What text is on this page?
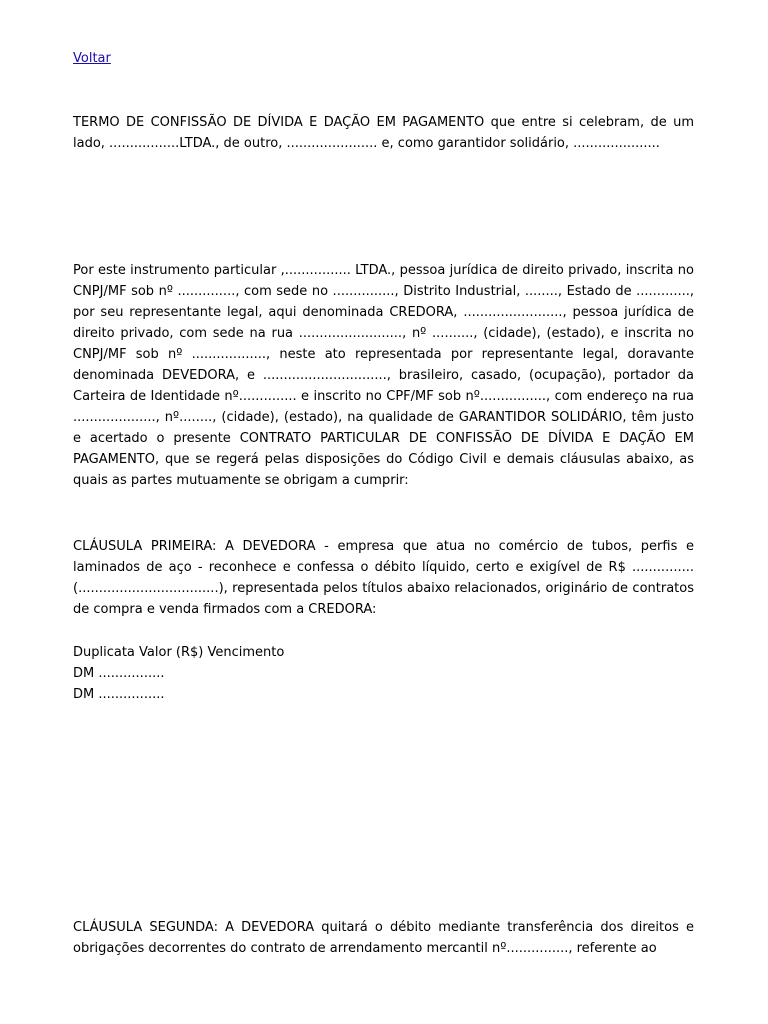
Voltar

TERMO DE CONFISSÃO DE DÍVIDA E DAÇÃO EM PAGAMENTO que entre si celebram, de um lado, .................LTDA., de outro, ...................... e, como garantidor solidário, .....................

Por este instrumento particular ,................ LTDA., pessoa jurídica de direito privado, inscrita no CNPJ/MF sob nº .............., com sede no ..............., Distrito Industrial, ........, Estado de ............., por seu representante legal, aqui denominada CREDORA, ........................, pessoa jurídica de direito privado, com sede na rua ........................., nº .........., (cidade), (estado), e inscrita no CNPJ/MF sob nº .................., neste ato representada por representante legal, doravante denominada DEVEDORA, e .............................., brasileiro, casado, (ocupação), portador da Carteira de Identidade nº.............. e inscrito no CPF/MF sob nº................, com endereço na rua ...................., nº........, (cidade), (estado), na qualidade de GARANTIDOR SOLIDÁRIO, têm justo e acertado o presente CONTRATO PARTICULAR DE CONFISSÃO DE DÍVIDA E DAÇÃO EM PAGAMENTO, que se regerá pelas disposições do Código Civil e demais cláusulas abaixo, as quais as partes mutuamente se obrigam a cumprir:

CLÁUSULA PRIMEIRA: A DEVEDORA - empresa que atua no comércio de tubos, perfis e laminados de aço - reconhece e confessa o débito líquido, certo e exigível de R$ ............... (..................................), representada pelos títulos abaixo relacionados, originário de contratos de compra e venda firmados com a CREDORA:

Duplicata Valor (R$) Vencimento

DM ................

DM ................

CLÁUSULA SEGUNDA: A DEVEDORA quitará o débito mediante transferência dos direitos e obrigações decorrentes do contrato de arrendamento mercantil nº..............., referente ao
